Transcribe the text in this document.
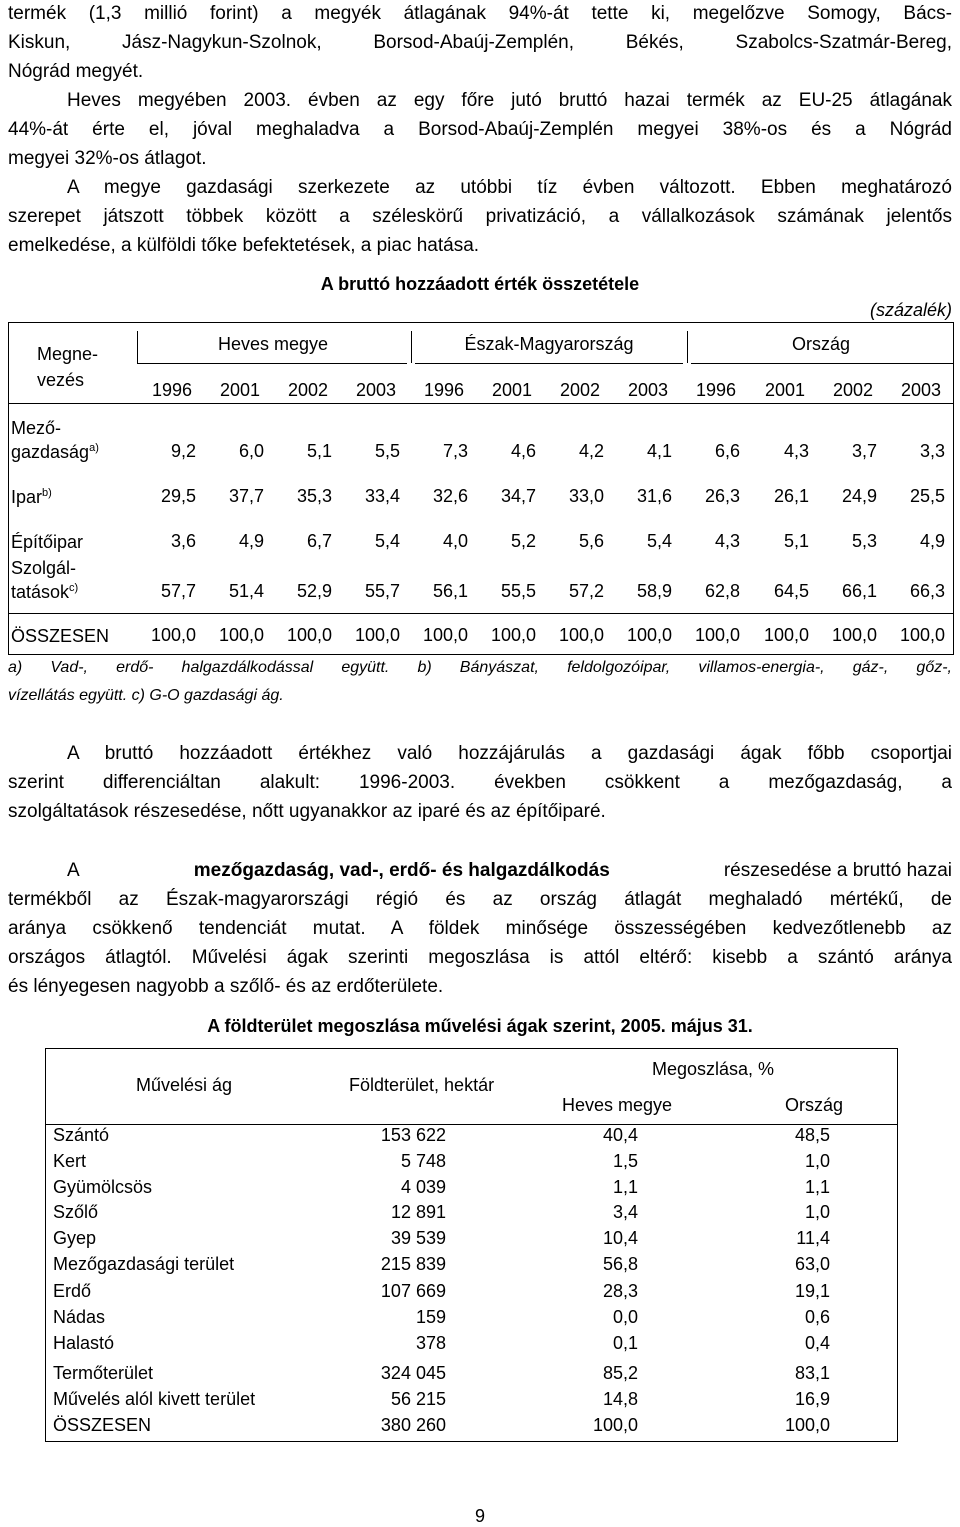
termék (1,3 millió forint) a megyék átlagának 94%-át tette ki, megelőzve Somogy, Bács-
Kiskun, Jász-Nagykun-Szolnok, Borsod-Abaúj-Zemplén, Békés, Szabolcs-Szatmár-Bereg,
Nógrád megyét.
Heves megyében 2003. évben az egy főre jutó bruttó hazai termék az EU-25 átlagának
44%-át érte el, jóval meghaladva a Borsod-Abaúj-Zemplén megyei 38%-os és a Nógrád
megyei 32%-os átlagot.
A megye gazdasági szerkezete az utóbbi tíz évben változott. Ebben meghatározó
szerepet játszott többek között a széleskörű privatizáció, a vállalkozások számának jelentős
emelkedése, a külföldi tőke befektetések, a piac hatása.
A bruttó hozzáadott érték összetétele
(százalék)
Megne-
vezés
Heves megye	Észak-Magyarország	Ország
1996	2001	2002	2003	1996	2001	2002	2003	1996	2001	2002	2003
Mező-
gazdaság$^{a)}$	9,2	6,0	5,1	5,5	7,3	4,6	4,2	4,1	6,6	4,3	3,7	3,3
Ipar$^{b)}$	29,5	37,7	35,3	33,4	32,6	34,7	33,0	31,6	26,3	26,1	24,9	25,5
Építőipar	3,6	4,9	6,7	5,4	4,0	5,2	5,6	5,4	4,3	5,1	5,3	4,9
Szolgál-
tatások$^{c)}$	57,7	51,4	52,9	55,7	56,1	55,5	57,2	58,9	62,8	64,5	66,1	66,3
ÖSSZESEN	100,0	100,0	100,0	100,0	100,0	100,0	100,0	100,0	100,0	100,0	100,0	100,0
a) Vad-, erdő- halgazdálkodással együtt. b) Bányászat, feldolgozóipar, villamos-energia-, gáz-, gőz-,
vízellátás együtt. c) G-O gazdasági ág.
A bruttó hozzáadott értékhez való hozzájárulás a gazdasági ágak főbb csoportjai
szerint differenciáltan alakult: 1996-2003. években csökkent a mezőgazdaság, a
szolgáltatások részesedése, nőtt ugyanakkor az iparé és az építőiparé.
A	mezőgazdaság, vad-, erdő- és halgazdálkodás	részesedése a bruttó hazai
termékből az Észak-magyarországi régió és az ország átlagát meghaladó mértékű, de
aránya csökkenő tendenciát mutat. A földek minősége összességében kedvezőtlenebb az
országos átlagtól. Művelési ágak szerinti megoszlása is attól eltérő: kisebb a szántó aránya
és lényegesen nagyobb a szőlő- és az erdőterülete.
A földterület megoszlása művelési ágak szerint, 2005. május 31.
Művelési ág	Földterület, hektár
Megoszlása, %
Heves megye	Ország
Szántó	153 622	40,4	48,5
Kert	5 748	1,5	1,0
Gyümölcsös	4 039	1,1	1,1
Szőlő	12 891	3,4	1,0
Gyep	39 539	10,4	11,4
Mezőgazdasági terület	215 839	56,8	63,0
Erdő	107 669	28,3	19,1
Nádas	159	0,0	0,6
Halastó	378	0,1	0,4
Termőterület	324 045	85,2	83,1
Művelés alól kivett terület	56 215	14,8	16,9
ÖSSZESEN	380 260	100,0	100,0
9
